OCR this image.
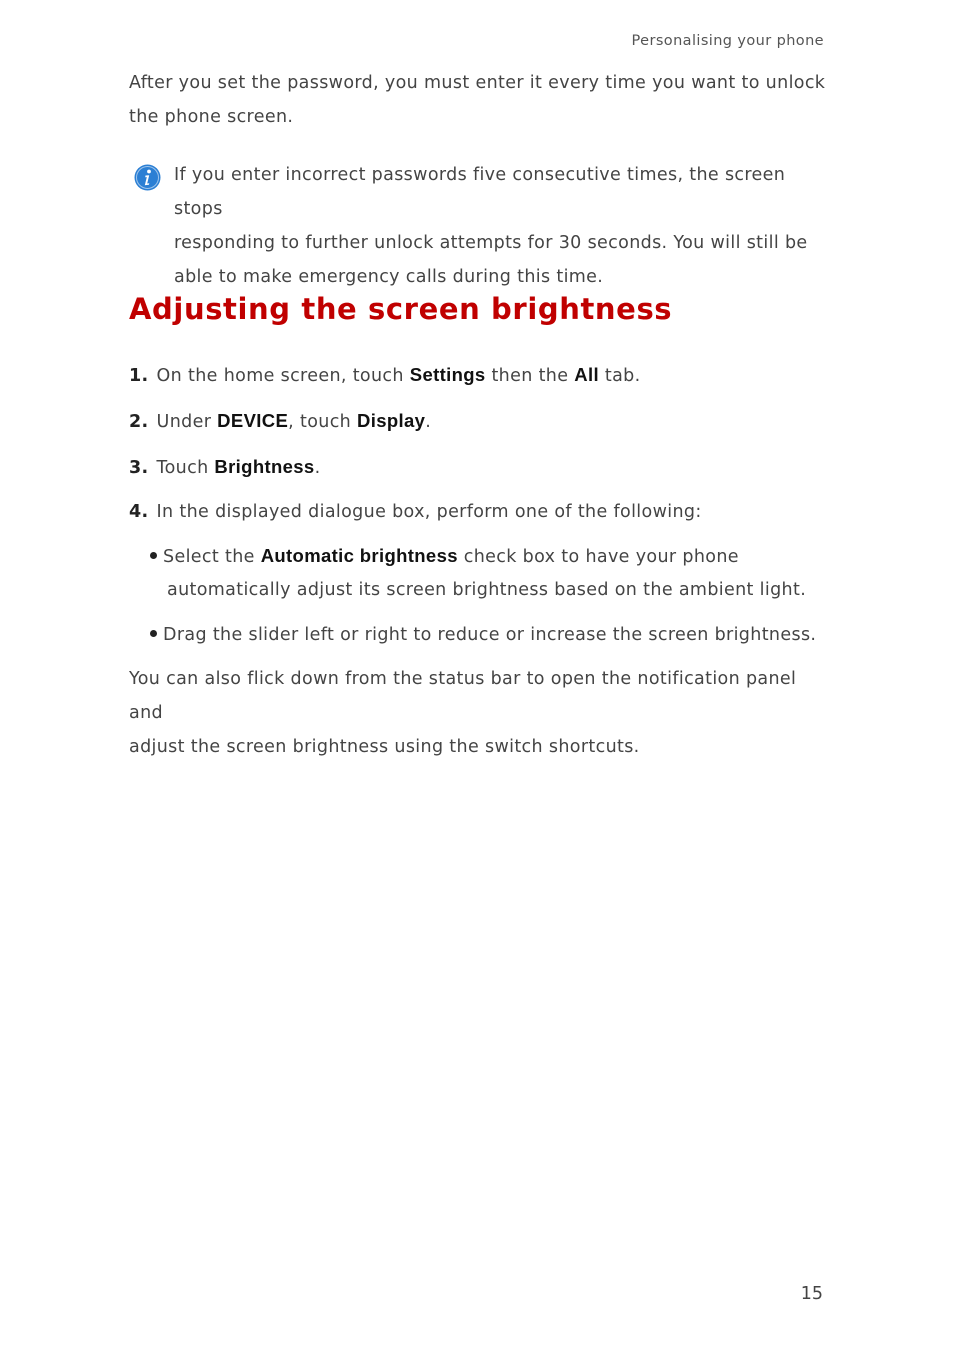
Personalising your phone

After you set the password, you must enter it every time you want to unlock
the phone screen.

If you enter incorrect passwords five consecutive times, the screen stops
responding to further unlock attempts for 30 seconds. You will still be
able to make emergency calls during this time.

Adjusting the screen brightness

1. On the home screen, touch Settings then the All tab.

2. Under DEVICE, touch Display.

3. Touch Brightness.

4. In the displayed dialogue box, perform one of the following:

Select the Automatic brightness check box to have your phone
automatically adjust its screen brightness based on the ambient light.

Drag the slider left or right to reduce or increase the screen brightness.

You can also flick down from the status bar to open the notification panel and
adjust the screen brightness using the switch shortcuts.

15
